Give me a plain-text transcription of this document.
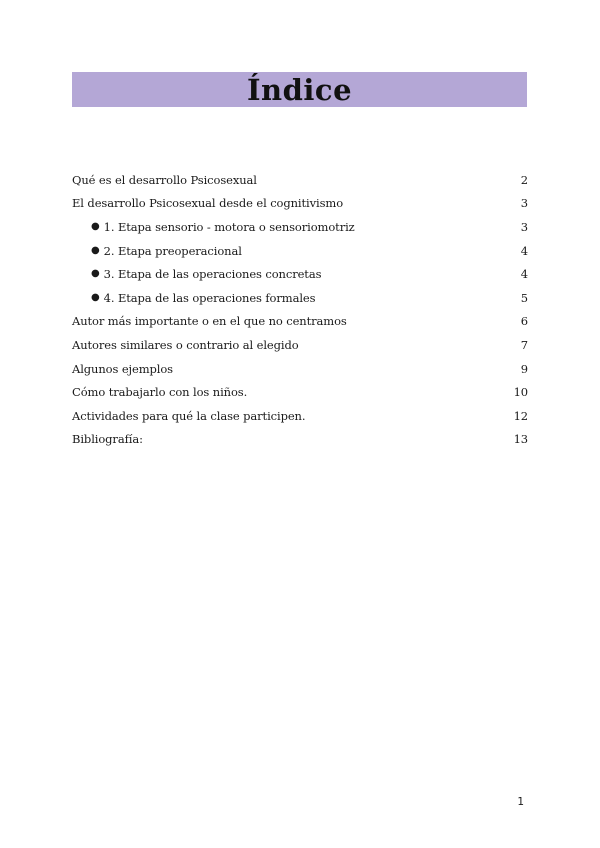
Índice
Qué es el desarrollo Psicosexual	2
El desarrollo Psicosexual desde el cognitivismo	3
● 1. Etapa sensorio - motora o sensoriomotriz	3
● 2. Etapa preoperacional	4
● 3. Etapa de las operaciones concretas	4
● 4. Etapa de las operaciones formales	5
Autor más importante o en el que no centramos	6
Autores similares o contrario al elegido	7
Algunos ejemplos	9
Cómo trabajarlo con los niños.	10
Actividades para qué la clase participen.	12
Bibliografía:	13
1
